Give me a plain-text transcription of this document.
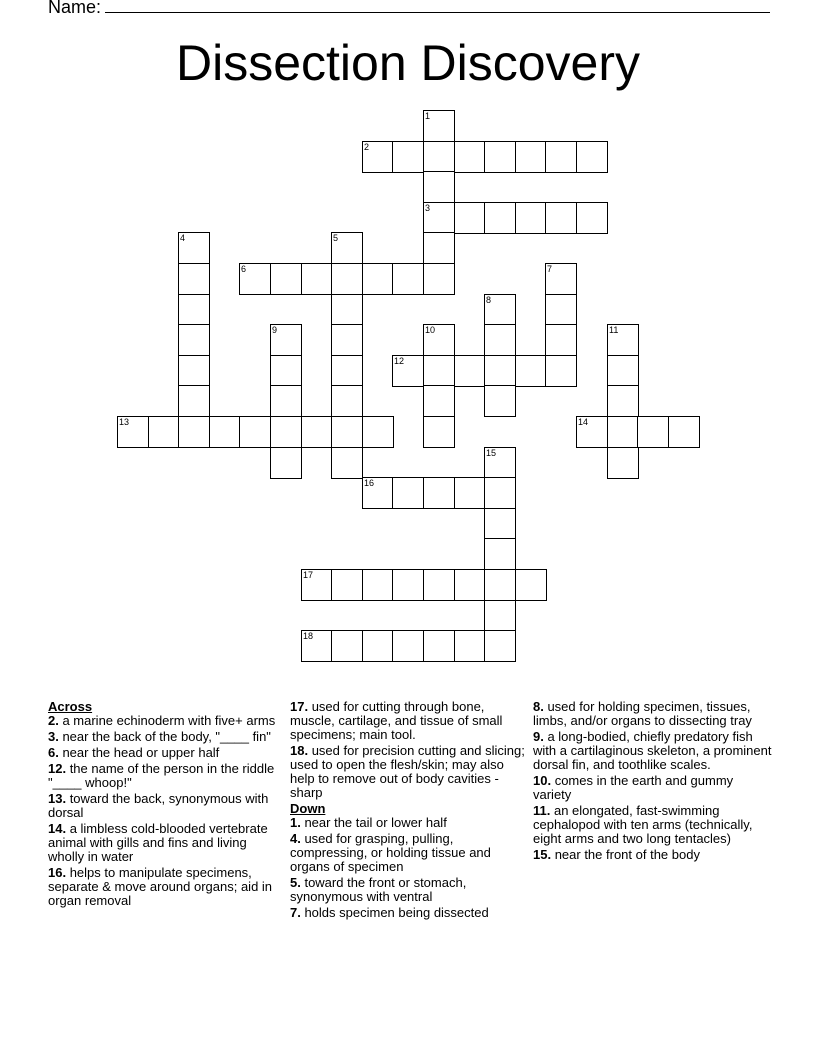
Name:
Dissection Discovery
1
2
3
4	5
6	7
8
9	10	11
12
13	14
15
16
17
18
Across

2. a marine echinoderm with five+ arms

3. near the back of the body, "____ fin"

6. near the head or upper half

12. the name of the person in the riddle "____ whoop!"

13. toward the back, synonymous with dorsal

14. a limbless cold-blooded vertebrate animal with gills and fins and living wholly in water

16. helps to manipulate specimens, separate & move around organs; aid in organ removal

17. used for cutting through bone, muscle, cartilage, and tissue of small specimens; main tool.

18. used for precision cutting and slicing; used to open the flesh/skin; may also help to remove out of body cavities - sharp

Down

1. near the tail or lower half

4. used for grasping, pulling, compressing, or holding tissue and organs of specimen

5. toward the front or stomach, synonymous with ventral

7. holds specimen being dissected

8. used for holding specimen, tissues, limbs, and/or organs to dissecting tray

9. a long-bodied, chiefly predatory fish with a cartilaginous skeleton, a prominent dorsal fin, and toothlike scales.

10. comes in the earth and gummy variety

11. an elongated, fast-swimming cephalopod with ten arms (technically, eight arms and two long tentacles)

15. near the front of the body
